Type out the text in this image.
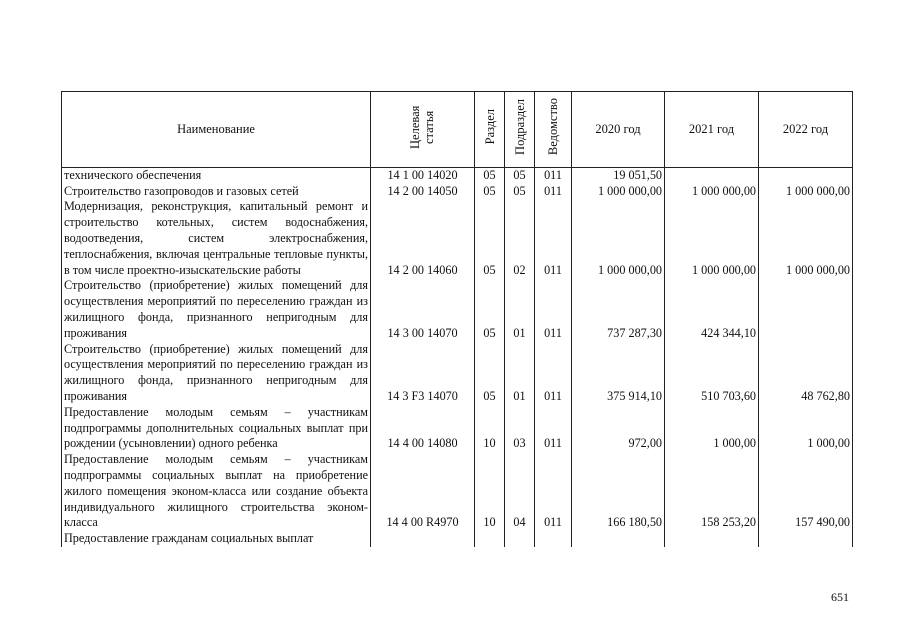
Наименование	Целевая статья	Раздел	Подраздел	Ведомство	2020 год	2021 год	2022 год
технического обеспечения	14 1 00 14020	05	05	011	19 051,50		
Строительство газопроводов и газовых сетей	14 2 00 14050	05	05	011	1 000 000,00	1 000 000,00	1 000 000,00
Модернизация, реконструкция, капитальный ремонт и строительство котельных, систем водоснабжения, водоотведения, систем электроснабжения, теплоснабжения, включая центральные тепловые пункты, в том числе проектно-изыскательские работы	14 2 00 14060	05	02	011	1 000 000,00	1 000 000,00	1 000 000,00
Строительство (приобретение) жилых помещений для осуществления мероприятий по переселению граждан из жилищного фонда, признанного непригодным для проживания	14 3 00 14070	05	01	011	737 287,30	424 344,10	
Строительство (приобретение) жилых помещений для осуществления мероприятий по переселению граждан из жилищного фонда, признанного непригодным для проживания	14 3 F3 14070	05	01	011	375 914,10	510 703,60	48 762,80
Предоставление молодым семьям – участникам подпрограммы дополнительных социальных выплат при рождении (усыновлении) одного ребенка	14 4 00 14080	10	03	011	972,00	1 000,00	1 000,00
Предоставление молодым семьям – участникам подпрограммы социальных выплат на приобретение жилого помещения эконом-класса или создание объекта индивидуального жилищного строительства эконом-класса	14 4 00 R4970	10	04	011	166 180,50	158 253,20	157 490,00
Предоставление гражданам социальных выплат							
651
